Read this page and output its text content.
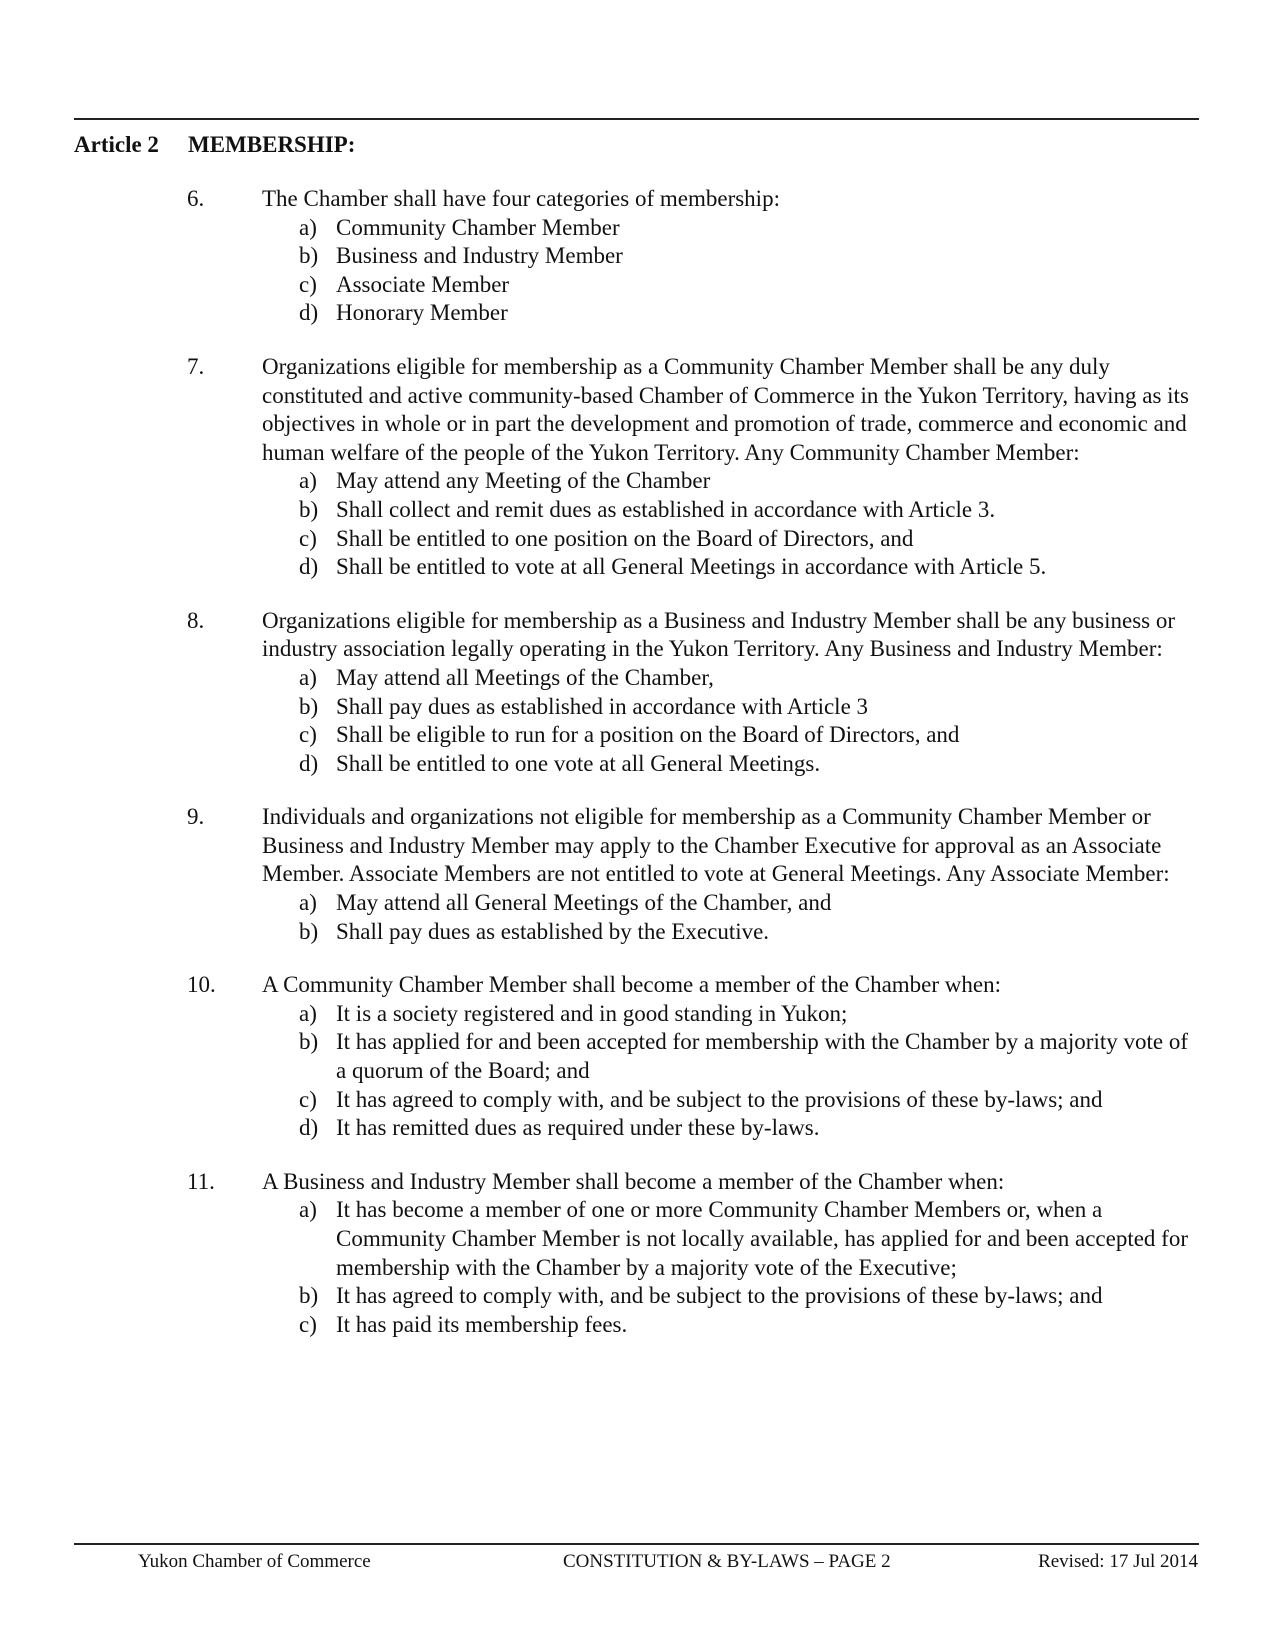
Article 2 MEMBERSHIP:
6.	The Chamber shall have four categories of membership:
a) Community Chamber Member
b) Business and Industry Member
c) Associate Member
d) Honorary Member
7.	Organizations eligible for membership as a Community Chamber Member shall be any duly constituted and active community-based Chamber of Commerce in the Yukon Territory, having as its objectives in whole or in part the development and promotion of trade, commerce and economic and human welfare of the people of the Yukon Territory. Any Community Chamber Member:
a) May attend any Meeting of the Chamber
b) Shall collect and remit dues as established in accordance with Article 3.
c) Shall be entitled to one position on the Board of Directors, and
d) Shall be entitled to vote at all General Meetings in accordance with Article 5.
8.	Organizations eligible for membership as a Business and Industry Member shall be any business or industry association legally operating in the Yukon Territory. Any Business and Industry Member:
a) May attend all Meetings of the Chamber,
b) Shall pay dues as established in accordance with Article 3
c) Shall be eligible to run for a position on the Board of Directors, and
d) Shall be entitled to one vote at all General Meetings.
9.	Individuals and organizations not eligible for membership as a Community Chamber Member or Business and Industry Member may apply to the Chamber Executive for approval as an Associate Member. Associate Members are not entitled to vote at General Meetings. Any Associate Member:
a) May attend all General Meetings of the Chamber, and
b) Shall pay dues as established by the Executive.
10. A Community Chamber Member shall become a member of the Chamber when:
a) It is a society registered and in good standing in Yukon;
b) It has applied for and been accepted for membership with the Chamber by a majority vote of a quorum of the Board; and
c) It has agreed to comply with, and be subject to the provisions of these by-laws; and
d) It has remitted dues as required under these by-laws.
11. A Business and Industry Member shall become a member of the Chamber when:
a) It has become a member of one or more Community Chamber Members or, when a Community Chamber Member is not locally available, has applied for and been accepted for membership with the Chamber by a majority vote of the Executive;
b) It has agreed to comply with, and be subject to the provisions of these by-laws; and
c) It has paid its membership fees.
Yukon Chamber of Commerce	CONSTITUTION & BY-LAWS – PAGE 2	Revised: 17 Jul 2014
